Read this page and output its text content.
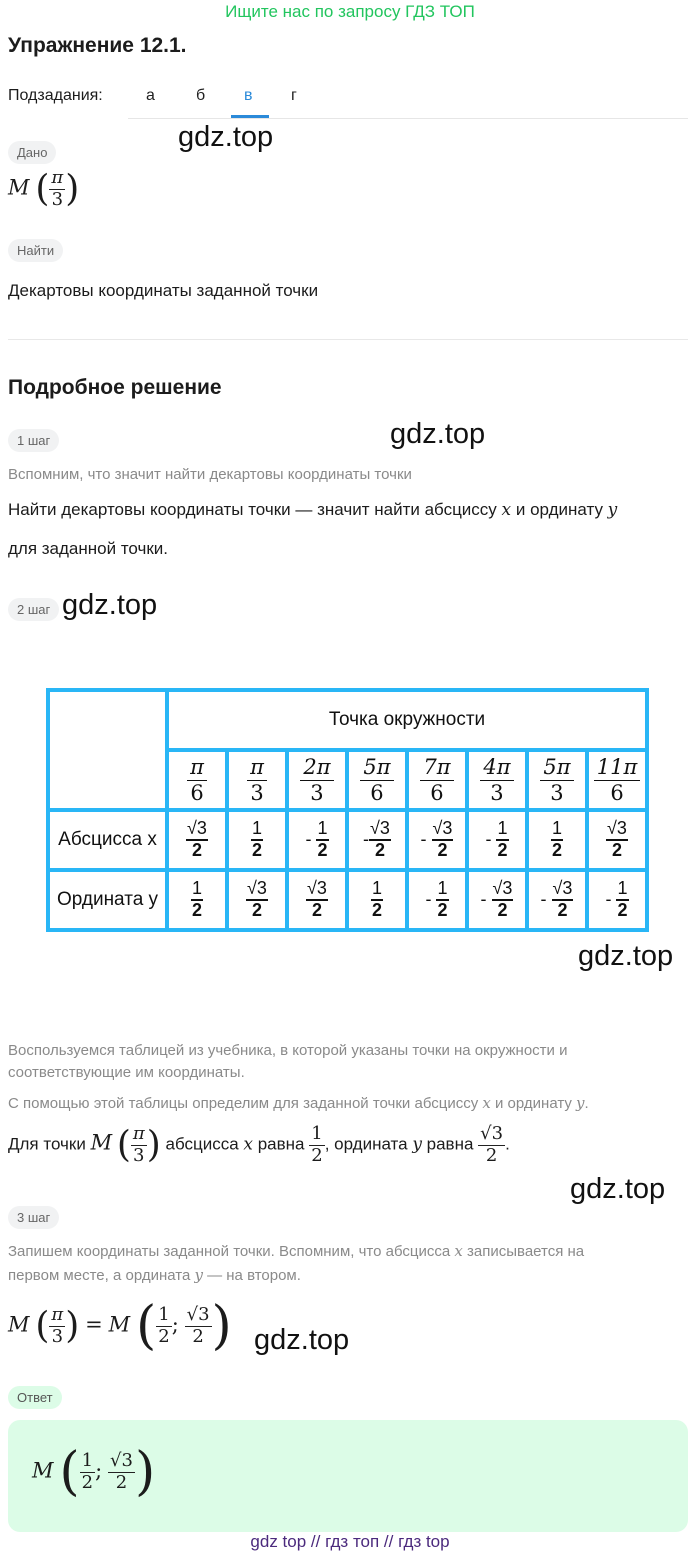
Ищите нас по запросу ГДЗ ТОП
Упражнение 12.1.
Подзадания:	а	б в г
gdz.top
Дано
M ( $\frac{\pi}{3}$ )
Найти
Декартовы координаты заданной точки
Подробное решение
1 шаг	gdz.top
Вспомним, что значит найти декартовы координаты точки
Найти декартовы координаты точки — значит найти абсциссу x и ординату y
для заданной точки.
2 шаг gdz.top
	Точка окружности							

	$\frac{\pi}{6}$	$\frac{\pi}{3}$	$\frac{2\pi}{3}$	$\frac{5\pi}{6}$	$\frac{7\pi}{6}$	$\frac{4\pi}{3}$	$\frac{5\pi}{3}$	$\frac{11\pi}{6}$

Абсцисса x	$\frac{√3}{2}$	$\frac{1}{2}$	- $\frac{1}{2}$	- $\frac{√3}{2}$	- $\frac{√3}{2}$	- $\frac{1}{2}$	$\frac{1}{2}$	$\frac{√3}{2}$

Ордината y	$\frac{1}{2}$	$\frac{√3}{2}$	$\frac{√3}{2}$	$\frac{1}{2}$	- $\frac{1}{2}$	- $\frac{√3}{2}$	- $\frac{√3}{2}$	- $\frac{1}{2}$
gdz.top
Воспользуемся таблицей из учебника, в которой указаны точки на окружности и
соответствующие им координаты.
С помощью этой таблицы определим для заданной точки абсциссу x и ординату y.
Для точки M ( $\frac{\pi}{3}$ ) абсцисса x равна $\frac{1}{2}$ , ордината y равна $\frac{√3}{2}$ .
gdz.top
3 шаг
Запишем координаты заданной точки. Вспомним, что абсцисса x записывается на
первом месте, а ордината y — на втором.
M ( $\frac{\pi}{3}$ ) = M ( $\frac{1}{2}$ ; $\frac{√3}{2}$ ) gdz.top
Ответ
M ( $\frac{1}{2}$ ; $\frac{√3}{2}$ )
gdz top // гдз топ // гдз top
